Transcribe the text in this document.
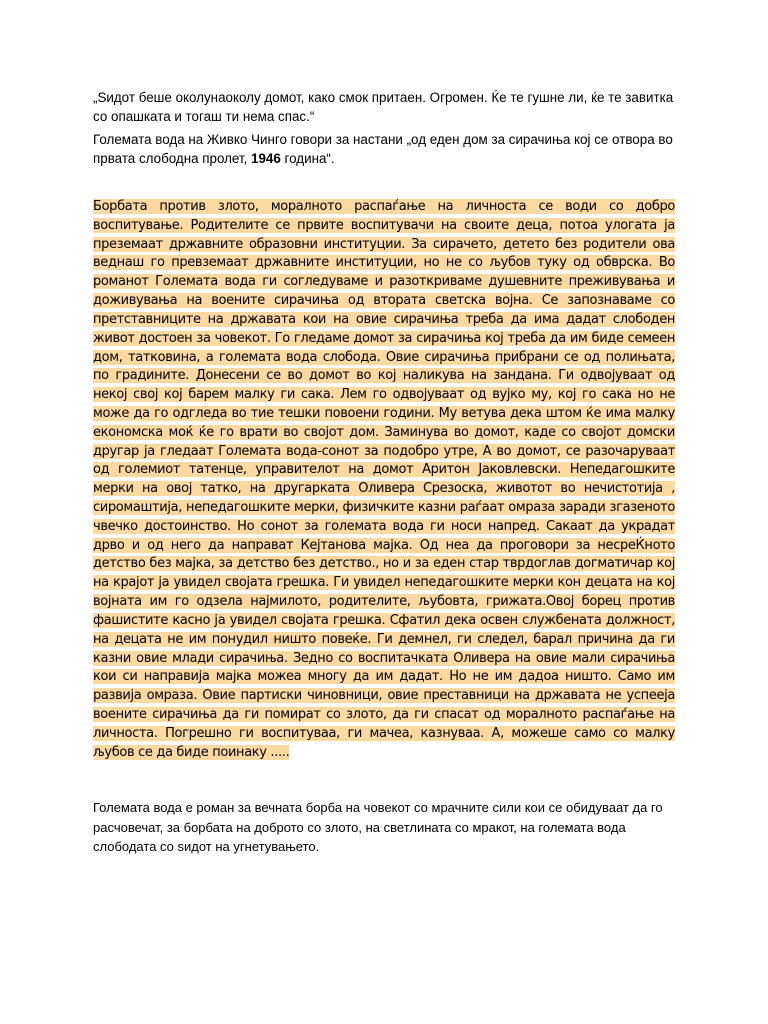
„Ѕидот беше околунаоколу домот, како смок притаен. Огромен. Ќе те гушне ли, ќе те завитка со опашката и тогаш ти нема спас.“

Големата вода на Живко Чинго говори за настани „од еден дом за сирачиња кој се отвора во првата слободна пролет, 1946 година“.

Борбата против злото, моралното распаѓање на личноста се води со добро воспитување. Родителите се првите воспитувачи на своите деца, потоа улогата ја преземаат државните образовни институции. За сирачето, детето без родители ова веднаш го превземаат државните институции, но не со љубов туку од обврска. Во романот Големата вода ги согледуваме и разоткриваме душевните преживувања и доживувања на воените сирачиња од втората светска војна. Се запознаваме со претставниците на државата кои на овие сирачиња треба да има дадат слободен живот достоен за човекот. Го гледаме домот за сирачиња кој треба да им биде семеен дом, татковина, а големата вода слобода. Овие сирачиња прибрани се од полињата, по градините. Донесени се во домот во кој наликува на зандана. Ги одвојуваат од некој свој кој барем малку ги сака. Лем го одвојуваат од вујко му, кој го сака но не може да го одгледа во тие тешки повоени години. Му ветува дека штом ќе има малку економска моќ ќе го врати во својот дом. Заминува во домот, каде со својот домски другар ја гледаат Големата вода-сонот за подобро утре, А во домот, се разочаруваат од големиот татенце, управителот на домот Аритон Јаковлевски. Непедагошките мерки на овој татко, на другарката Оливера Срезоска, животот во нечистотија , сиромаштија, непедагошките мерки, физичките казни раѓаат омраза заради згазеното чвечко достоинство. Но сонот за големата вода ги носи напред. Сакаат да украдат дрво и од него да направат Кејтанова мајка. Од неа да проговори за несреЌното детство без мајка, за детство без детство., но и за еден стар тврдоглав догматичар кој на крајот ја увидел својата грешка. Ги увидел непедагошките мерки кон децата на кој војната им го одзела најмилото, родителите, љубовта, грижата.Овој борец против фашистите касно ја увидел својата грешка. Сфатил дека освен службената должност, на децата не им понудил ништо повеќе. Ги демнел, ги следел, барал причина да ги казни овие млади сирачиња. Зедно со воспитачката Оливера на овие мали сирачиња кои си направија мајка можеа многу да им дадат. Но не им дадоа ништо. Само им развија омраза. Овие партиски чиновници, овие преставници на државата не успееја воените сирачиња да ги помират со злото, да ги спасат од моралното распаѓање на личноста. Погрешно ги воспитуваа, ги мачеа, казнуваа. А, можеше само со малку љубов се да биде поинаку .....

Големата вода е роман за вечната борба на човекот со мрачните сили кои се обидуваат да го расчовечат, за борбата на доброто со злото, на светлината со мракот, на големата вода слободата со ѕидот на угнетувањето.
